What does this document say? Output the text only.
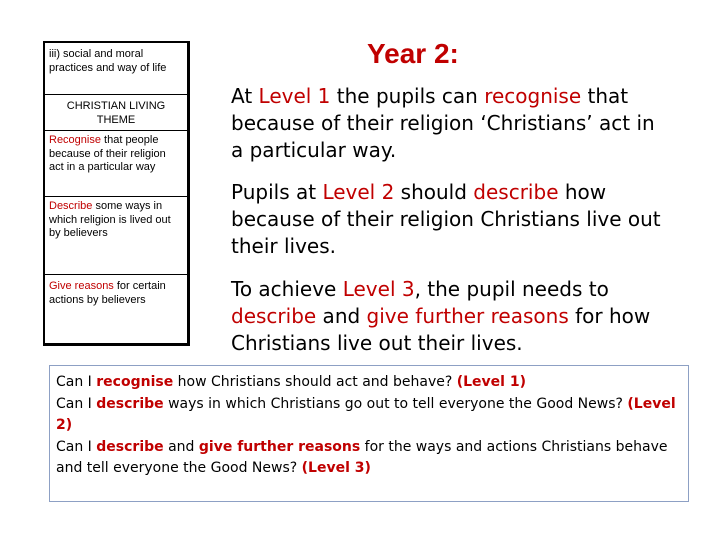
iii) social and moral practices and way of life
CHRISTIAN LIVING THEME
Recognise that people because of their religion act in a particular way
Describe some ways in which religion is lived out by believers
Give reasons for certain actions by believers
Year 2:
At Level 1 the pupils can recognise that because of their religion ‘Christians’ act in a particular way.
Pupils at Level 2 should describe how because of their religion Christians live out their lives.
To achieve Level 3, the pupil needs to describe and give further reasons for how Christians live out their lives.
Can I recognise how Christians should act and behave? (Level 1)
Can I describe ways in which Christians go out to tell everyone the Good News? (Level 2)
Can I describe and give further reasons for the ways and actions Christians behave and tell everyone the Good News? (Level 3)
